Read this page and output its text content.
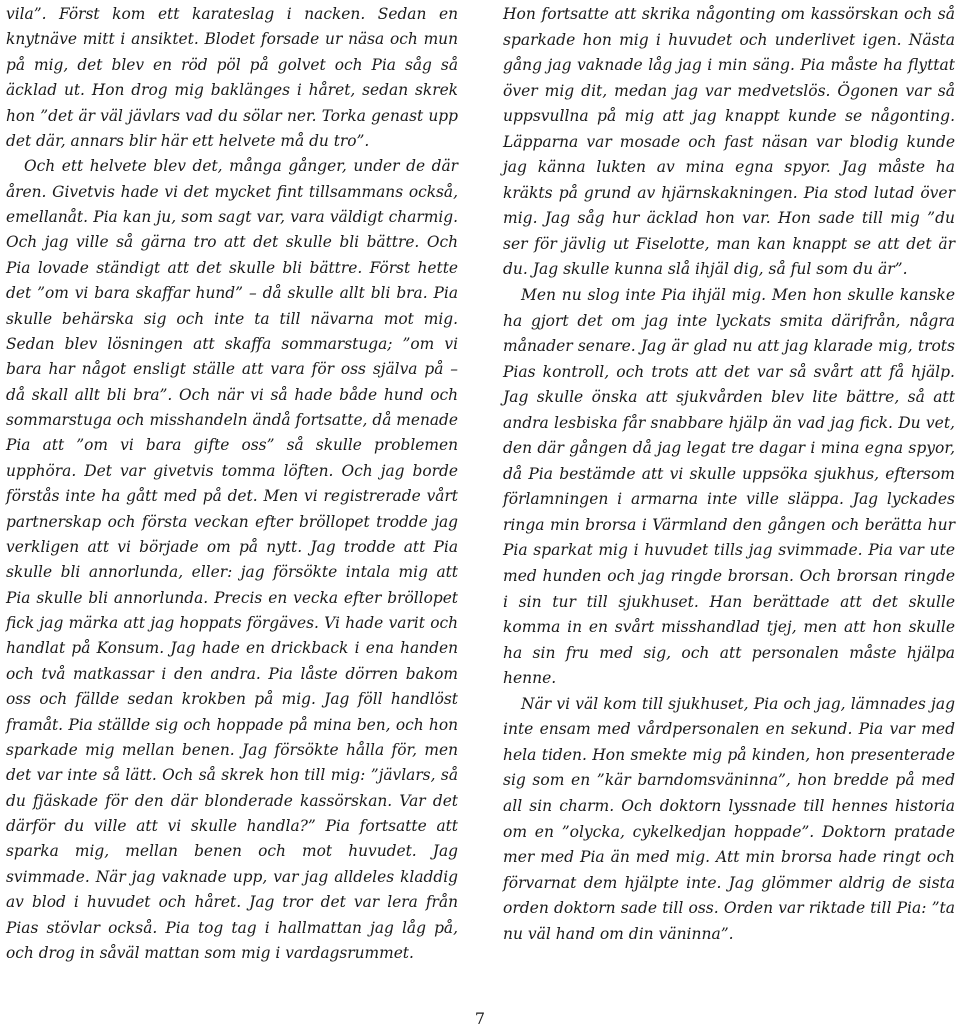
vila”. Först kom ett karateslag i nacken. Sedan en knytnäve mitt i ansiktet. Blodet forsade ur näsa och mun på mig, det blev en röd pöl på golvet och Pia såg så äcklad ut. Hon drog mig baklänges i håret, sedan skrek hon ”det är väl jävlars vad du sölar ner. Torka genast upp det där, annars blir här ett helvete må du tro”.

Och ett helvete blev det, många gånger, under de där åren. Givetvis hade vi det mycket fint tillsammans också, emellanåt. Pia kan ju, som sagt var, vara väldigt charmig. Och jag ville så gärna tro att det skulle bli bättre. Och Pia lovade ständigt att det skulle bli bättre. Först hette det ”om vi bara skaffar hund” – då skulle allt bli bra. Pia skulle behärska sig och inte ta till nävarna mot mig. Sedan blev lösningen att skaffa sommarstuga; ”om vi bara har något ensligt ställe att vara för oss själva på – då skall allt bli bra”. Och när vi så hade både hund och sommarstuga och misshandeln ändå fortsatte, då menade Pia att ”om vi bara gifte oss” så skulle problemen upphöra. Det var givetvis tomma löften. Och jag borde förstås inte ha gått med på det. Men vi registrerade vårt partnerskap och första veckan efter bröllopet trodde jag verkligen att vi började om på nytt. Jag trodde att Pia skulle bli annorlunda, eller: jag försökte intala mig att Pia skulle bli annorlunda. Precis en vecka efter bröllopet fick jag märka att jag hoppats förgäves. Vi hade varit och handlat på Konsum. Jag hade en drickback i ena handen och två matkassar i den andra. Pia låste dörren bakom oss och fällde sedan krokben på mig. Jag föll handlöst framåt. Pia ställde sig och hoppade på mina ben, och hon sparkade mig mellan benen. Jag försökte hålla för, men det var inte så lätt. Och så skrek hon till mig: ”jävlars, så du fjäskade för den där blonderade kassörskan. Var det därför du ville att vi skulle handla?” Pia fortsatte att sparka mig, mellan benen och mot huvudet. Jag svimmade. När jag vaknade upp, var jag alldeles kladdig av blod i huvudet och håret. Jag tror det var lera från Pias stövlar också. Pia tog tag i hallmattan jag låg på, och drog in såväl mattan som mig i vardagsrummet.

Hon fortsatte att skrika någonting om kassörskan och så sparkade hon mig i huvudet och underlivet igen. Nästa gång jag vaknade låg jag i min säng. Pia måste ha flyttat över mig dit, medan jag var medvetslös. Ögonen var så uppsvullna på mig att jag knappt kunde se någonting. Läpparna var mosade och fast näsan var blodig kunde jag känna lukten av mina egna spyor. Jag måste ha kräkts på grund av hjärnskakningen. Pia stod lutad över mig. Jag såg hur äcklad hon var. Hon sade till mig ”du ser för jävlig ut Fiselotte, man kan knappt se att det är du. Jag skulle kunna slå ihjäl dig, så ful som du är”.

Men nu slog inte Pia ihjäl mig. Men hon skulle kanske ha gjort det om jag inte lyckats smita därifrån, några månader senare. Jag är glad nu att jag klarade mig, trots Pias kontroll, och trots att det var så svårt att få hjälp. Jag skulle önska att sjukvården blev lite bättre, så att andra lesbiska får snabbare hjälp än vad jag fick. Du vet, den där gången då jag legat tre dagar i mina egna spyor, då Pia bestämde att vi skulle uppsöka sjukhus, eftersom förlamningen i armarna inte ville släppa. Jag lyckades ringa min brorsa i Värmland den gången och berätta hur Pia sparkat mig i huvudet tills jag svimmade. Pia var ute med hunden och jag ringde brorsan. Och brorsan ringde i sin tur till sjukhuset. Han berättade att det skulle komma in en svårt misshandlad tjej, men att hon skulle ha sin fru med sig, och att personalen måste hjälpa henne.

När vi väl kom till sjukhuset, Pia och jag, lämnades jag inte ensam med vårdpersonalen en sekund. Pia var med hela tiden. Hon smekte mig på kinden, hon presenterade sig som en ”kär barndomsväninna”, hon bredde på med all sin charm. Och doktorn lyssnade till hennes historia om en ”olycka, cykelkedjan hoppade”. Doktorn pratade mer med Pia än med mig. Att min brorsa hade ringt och förvarnat dem hjälpte inte. Jag glömmer aldrig de sista orden doktorn sade till oss. Orden var riktade till Pia: ”ta nu väl hand om din väninna”.

7
